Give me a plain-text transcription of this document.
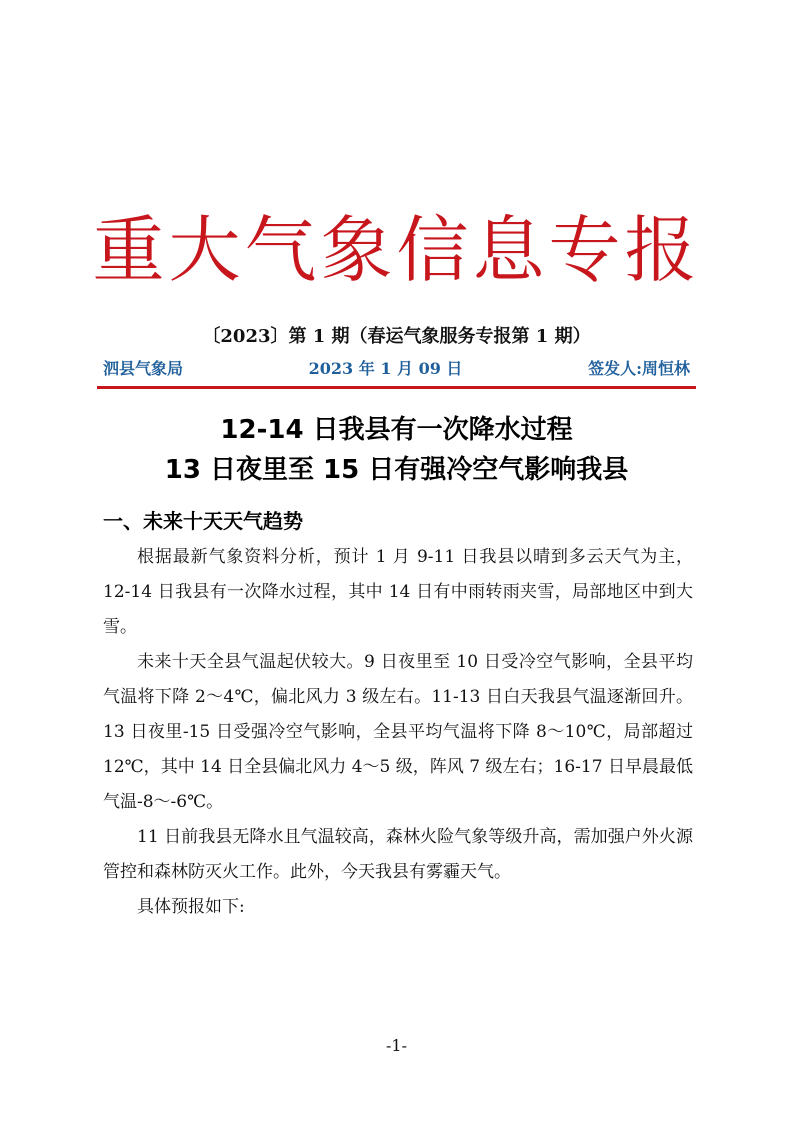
重大气象信息专报
〔2023〕第 1 期（春运气象服务专报第 1 期）
泗县气象局	2023 年 1 月 09 日	签发人:周恒林
12-14 日我县有一次降水过程
13 日夜里至 15 日有强冷空气影响我县
一、未来十天天气趋势

根据最新气象资料分析，预计 1 月 9-11 日我县以晴到多云天气为主，12-14 日我县有一次降水过程，其中 14 日有中雨转雨夹雪，局部地区中到大雪。

未来十天全县气温起伏较大。9 日夜里至 10 日受冷空气影响，全县平均气温将下降 2～4℃，偏北风力 3 级左右。11-13 日白天我县气温逐渐回升。13 日夜里-15 日受强冷空气影响，全县平均气温将下降 8～10℃，局部超过 12℃，其中 14 日全县偏北风力 4～5 级，阵风 7 级左右；16-17 日早晨最低气温-8～-6℃。

11 日前我县无降水且气温较高，森林火险气象等级升高，需加强户外火源管控和森林防灭火工作。此外，今天我县有雾霾天气。

具体预报如下:

-1-
